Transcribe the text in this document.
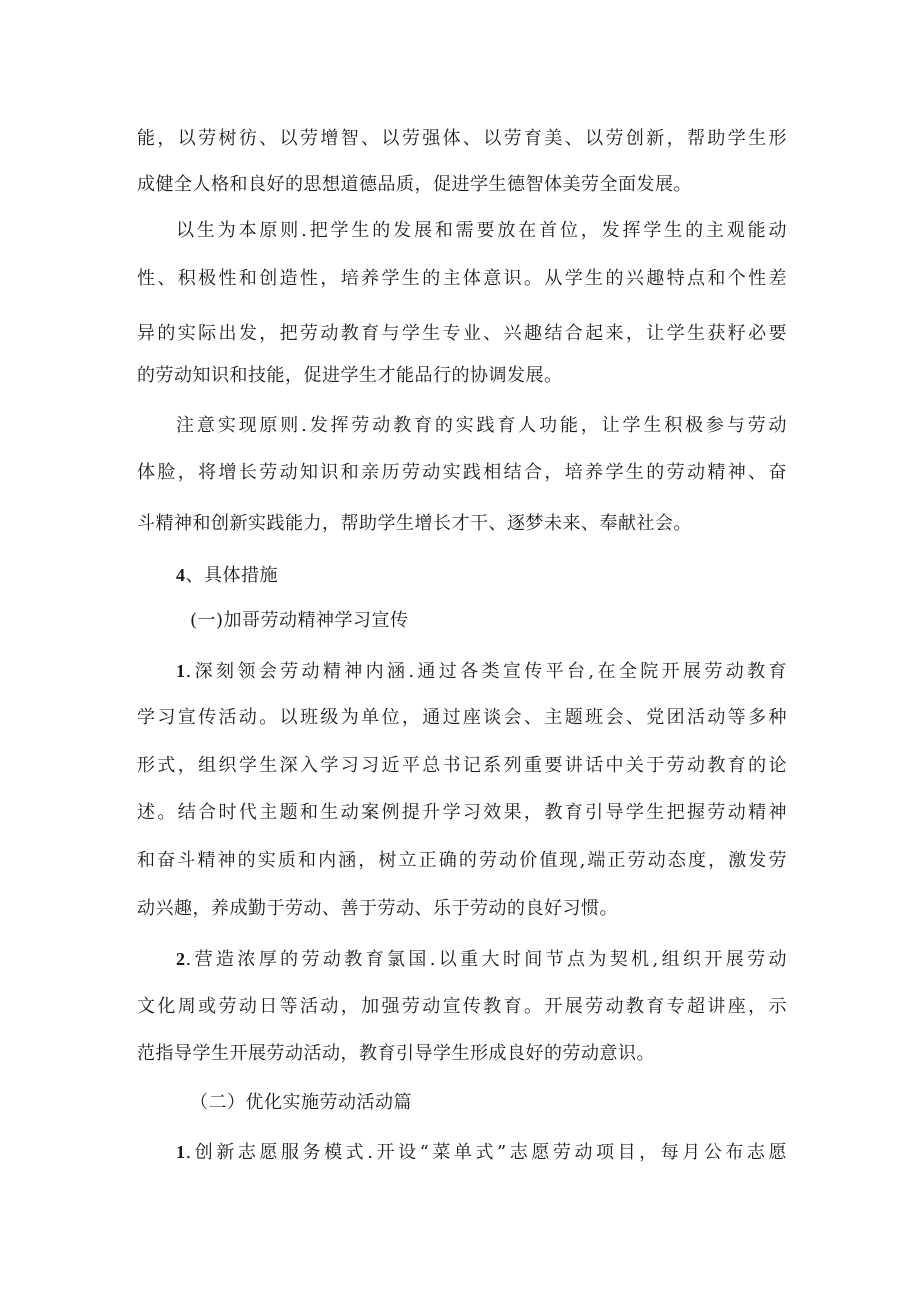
能，以劳树彷、以劳增智、以劳强体、以劳育美、以劳创新，帮助学生形
成健全人格和良好的思想道德品质，促进学生德智体美劳全面发展。
以生为本原则.把学生的发展和需要放在首位，发挥学生的主观能动
性、积极性和创造性，培养学生的主体意识。从学生的兴趣特点和个性差
异的实际出发，把劳动教育与学生专业、兴趣结合起来，让学生获籽必要
的劳动知识和技能，促进学生才能品行的协调发展。
注意实现原则.发挥劳动教育的实践育人功能，让学生积极参与劳动
体脸，将增长劳动知识和亲历劳动实践相结合，培养学生的劳动精神、奋
斗精神和创新实践能力，帮助学生增长才干、逐梦未来、奉献社会。
4、具体措施
(一)加哥劳动精神学习宣传
1.深刻领会劳动精神内涵.通过各类宣传平台,在全院开展劳动教育
学习宣传活动。以班级为单位，通过座谈会、主题班会、党团活动等多种
形式，组织学生深入学习习近平总书记系列重要讲话中关于劳动教育的论
述。结合时代主题和生动案例提升学习效果，教育引导学生把握劳动精神
和奋斗精神的实质和内涵，树立正确的劳动价值现,端正劳动态度，激发劳
动兴趣，养成勤于劳动、善于劳动、乐于劳动的良好习惯。
2.营造浓厚的劳动教育氯国.以重大时间节点为契机,组织开展劳动
文化周或劳动日等活动，加强劳动宣传教育。开展劳动教育专超讲座，示
范指导学生开展劳动活动，教育引导学生形成良好的劳动意识。
（二）优化实施劳动活动篇
1.创新志愿服务模式.开设“菜单式”志愿劳动项目，每月公布志愿
